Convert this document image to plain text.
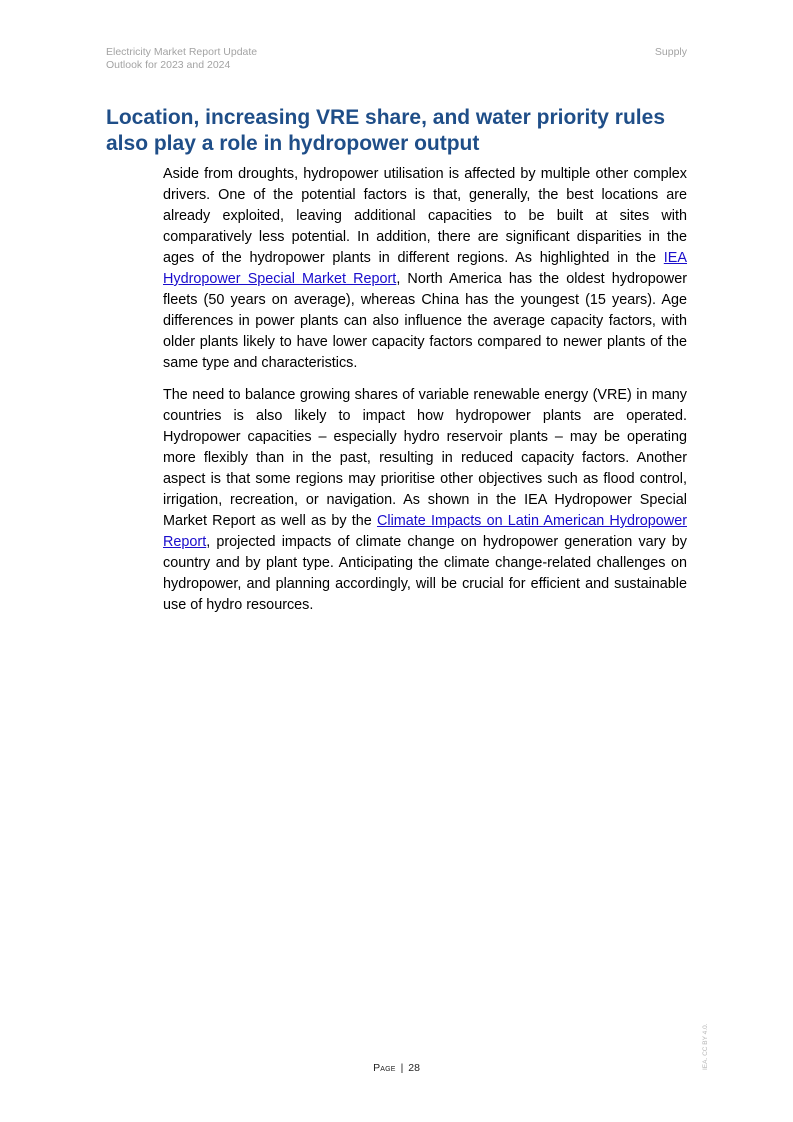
Electricity Market Report Update
Outlook for 2023 and 2024
Supply
Location, increasing VRE share, and water priority rules also play a role in hydropower output

Aside from droughts, hydropower utilisation is affected by multiple other complex drivers. One of the potential factors is that, generally, the best locations are already exploited, leaving additional capacities to be built at sites with comparatively less potential. In addition, there are significant disparities in the ages of the hydropower plants in different regions. As highlighted in the IEA Hydropower Special Market Report, North America has the oldest hydropower fleets (50 years on average), whereas China has the youngest (15 years). Age differences in power plants can also influence the average capacity factors, with older plants likely to have lower capacity factors compared to newer plants of the same type and characteristics.

The need to balance growing shares of variable renewable energy (VRE) in many countries is also likely to impact how hydropower plants are operated. Hydropower capacities – especially hydro reservoir plants – may be operating more flexibly than in the past, resulting in reduced capacity factors. Another aspect is that some regions may prioritise other objectives such as flood control, irrigation, recreation, or navigation. As shown in the IEA Hydropower Special Market Report as well as by the Climate Impacts on Latin American Hydropower Report, projected impacts of climate change on hydropower generation vary by country and by plant type. Anticipating the climate change-related challenges on hydropower, and planning accordingly, will be crucial for efficient and sustainable use of hydro resources.

Page | 28	IEA. CC BY 4.0.
